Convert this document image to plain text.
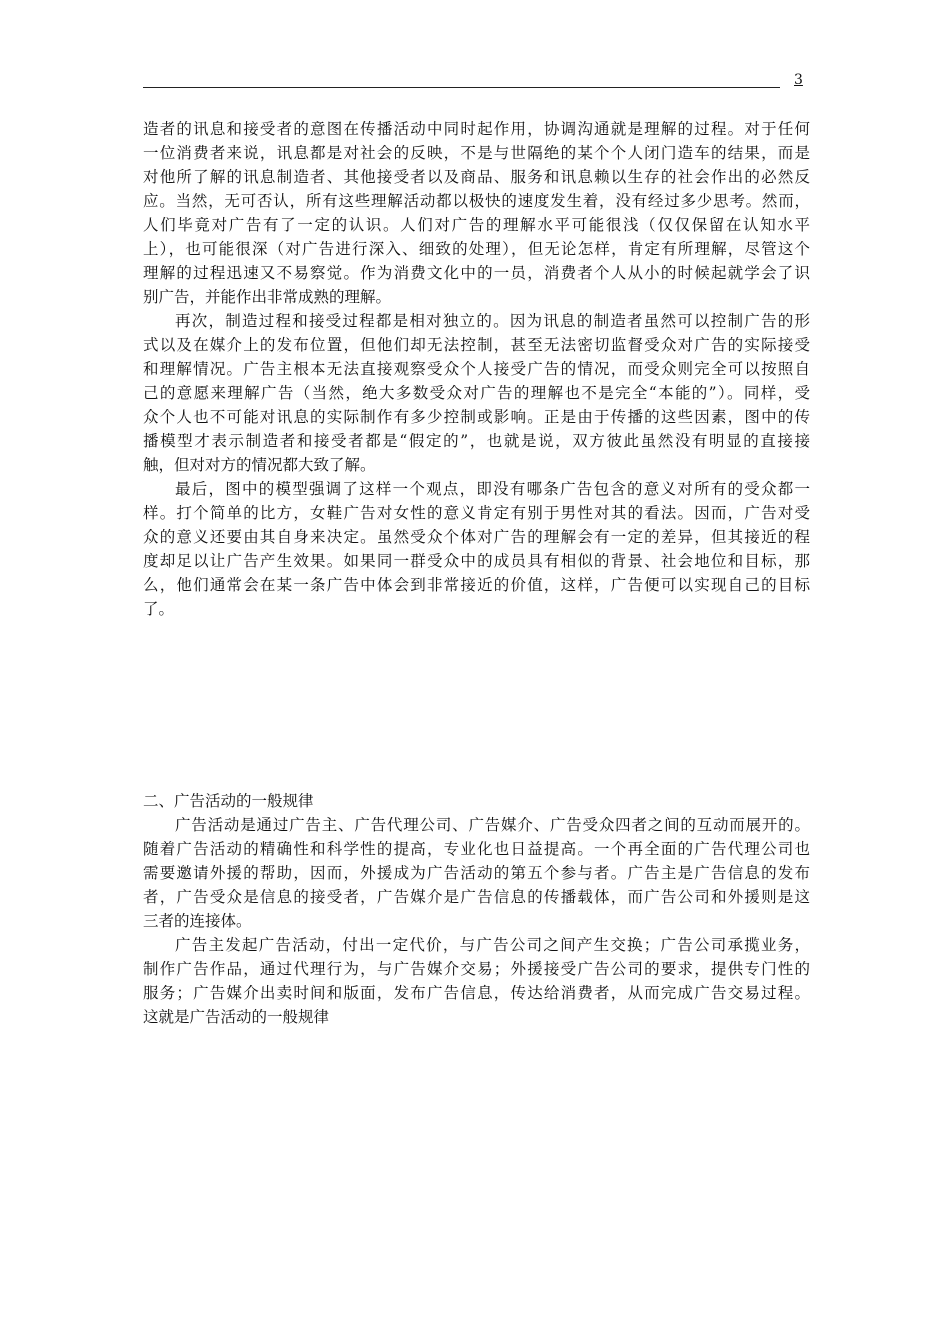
3
造者的讯息和接受者的意图在传播活动中同时起作用，协调沟通就是理解的过程。对于任何
一位消费者来说，讯息都是对社会的反映，不是与世隔绝的某个个人闭门造车的结果，而是
对他所了解的讯息制造者、其他接受者以及商品、服务和讯息赖以生存的社会作出的必然反
应。当然，无可否认，所有这些理解活动都以极快的速度发生着，没有经过多少思考。然而，
人们毕竟对广告有了一定的认识。人们对广告的理解水平可能很浅（仅仅保留在认知水平
上），也可能很深（对广告进行深入、细致的处理），但无论怎样，肯定有所理解，尽管这个
理解的过程迅速又不易察觉。作为消费文化中的一员，消费者个人从小的时候起就学会了识
别广告，并能作出非常成熟的理解。
再次，制造过程和接受过程都是相对独立的。因为讯息的制造者虽然可以控制广告的形
式以及在媒介上的发布位置，但他们却无法控制，甚至无法密切监督受众对广告的实际接受
和理解情况。广告主根本无法直接观察受众个人接受广告的情况，而受众则完全可以按照自
己的意愿来理解广告（当然，绝大多数受众对广告的理解也不是完全“本能的”）。同样，受
众个人也不可能对讯息的实际制作有多少控制或影响。正是由于传播的这些因素，图中的传
播模型才表示制造者和接受者都是“假定的”，也就是说，双方彼此虽然没有明显的直接接
触，但对对方的情况都大致了解。
最后，图中的模型强调了这样一个观点，即没有哪条广告包含的意义对所有的受众都一
样。打个简单的比方，女鞋广告对女性的意义肯定有别于男性对其的看法。因而，广告对受
众的意义还要由其自身来决定。虽然受众个体对广告的理解会有一定的差异，但其接近的程
度却足以让广告产生效果。如果同一群受众中的成员具有相似的背景、社会地位和目标，那
么，他们通常会在某一条广告中体会到非常接近的价值，这样，广告便可以实现自己的目标
了。
二、广告活动的一般规律
广告活动是通过广告主、广告代理公司、广告媒介、广告受众四者之间的互动而展开的。
随着广告活动的精确性和科学性的提高，专业化也日益提高。一个再全面的广告代理公司也
需要邀请外援的帮助，因而，外援成为广告活动的第五个参与者。广告主是广告信息的发布
者，广告受众是信息的接受者，广告媒介是广告信息的传播载体，而广告公司和外援则是这
三者的连接体。
广告主发起广告活动，付出一定代价，与广告公司之间产生交换；广告公司承揽业务，
制作广告作品，通过代理行为，与广告媒介交易；外援接受广告公司的要求，提供专门性的
服务；广告媒介出卖时间和版面，发布广告信息，传达给消费者，从而完成广告交易过程。
这就是广告活动的一般规律
